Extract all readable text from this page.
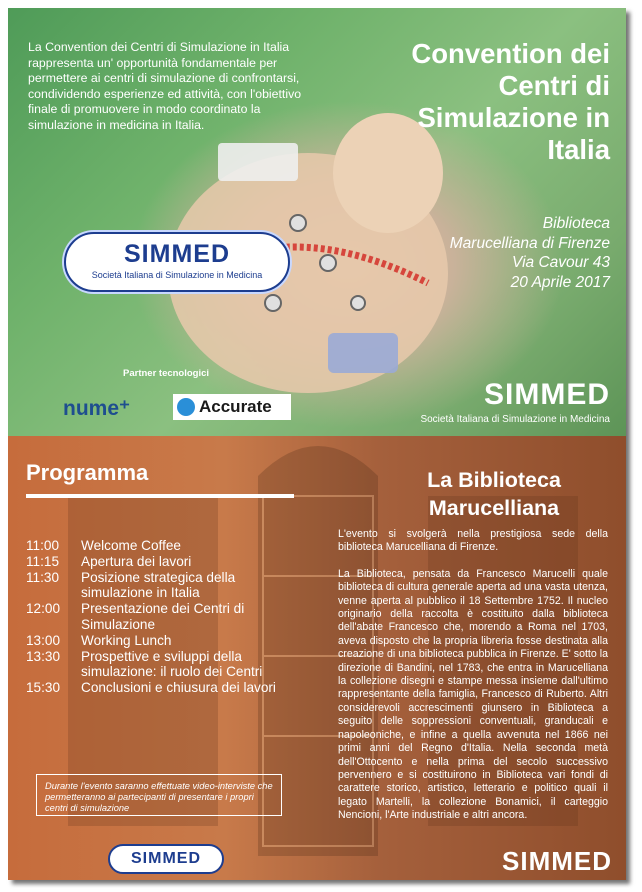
La Convention dei Centri di Simulazione in Italia rappresenta un' opportunità fondamentale per permettere ai centri di simulazione di confrontarsi, condividendo esperienze ed attività, con l'obiettivo finale di promuovere in modo coordinato la simulazione in medicina in Italia.
Convention dei
Centri di
Simulazione in
Italia
Biblioteca
Marucelliana di Firenze
Via Cavour 43
20 Aprile 2017
SIMMED
Società Italiana di Simulazione in Medicina
Partner tecnologici
nume⁺	Accurate	SIMMED
Società Italiana di Simulazione in Medicina
Programma
11:00	Welcome Coffee
11:15	Apertura dei lavori
11:30	Posizione strategica della simulazione in Italia
12:00	Presentazione dei Centri di Simulazione
13:00	Working Lunch
13:30	Prospettive e sviluppi della simulazione: il ruolo dei Centri
15:30	Conclusioni e chiusura dei lavori
Durante l'evento saranno effettuate video-interviste che permetteranno ai partecipanti di presentare i propri centri di simulazione
SIMMED
La Biblioteca
Marucelliana

L'evento si svolgerà nella prestigiosa sede della biblioteca Marucelliana di Firenze.

La Biblioteca, pensata da Francesco Marucelli quale biblioteca di cultura generale aperta ad una vasta utenza, venne aperta al pubblico il 18 Settembre 1752. Il nucleo originario della raccolta è costituito dalla biblioteca dell'abate Francesco che, morendo a Roma nel 1703, aveva disposto che la propria libreria fosse destinata alla creazione di una biblioteca pubblica in Firenze. E' sotto la direzione di Bandini, nel 1783, che entra in Marucelliana la collezione disegni e stampe messa insieme dall'ultimo rappresentante della famiglia, Francesco di Ruberto. Altri considerevoli accrescimenti giunsero in Biblioteca a seguito delle soppressioni conventuali, granducali e napoleoniche, e infine a quella avvenuta nel 1866 nei primi anni del Regno d'Italia. Nella seconda metà dell'Ottocento e nella prima del secolo successivo pervennero e si costituirono in Biblioteca vari fondi di carattere storico, artistico, letterario e politico quali il legato Martelli, la collezione Bonamici, il carteggio Nencioni, l'Arte industriale e altri ancora.

SIMMED
